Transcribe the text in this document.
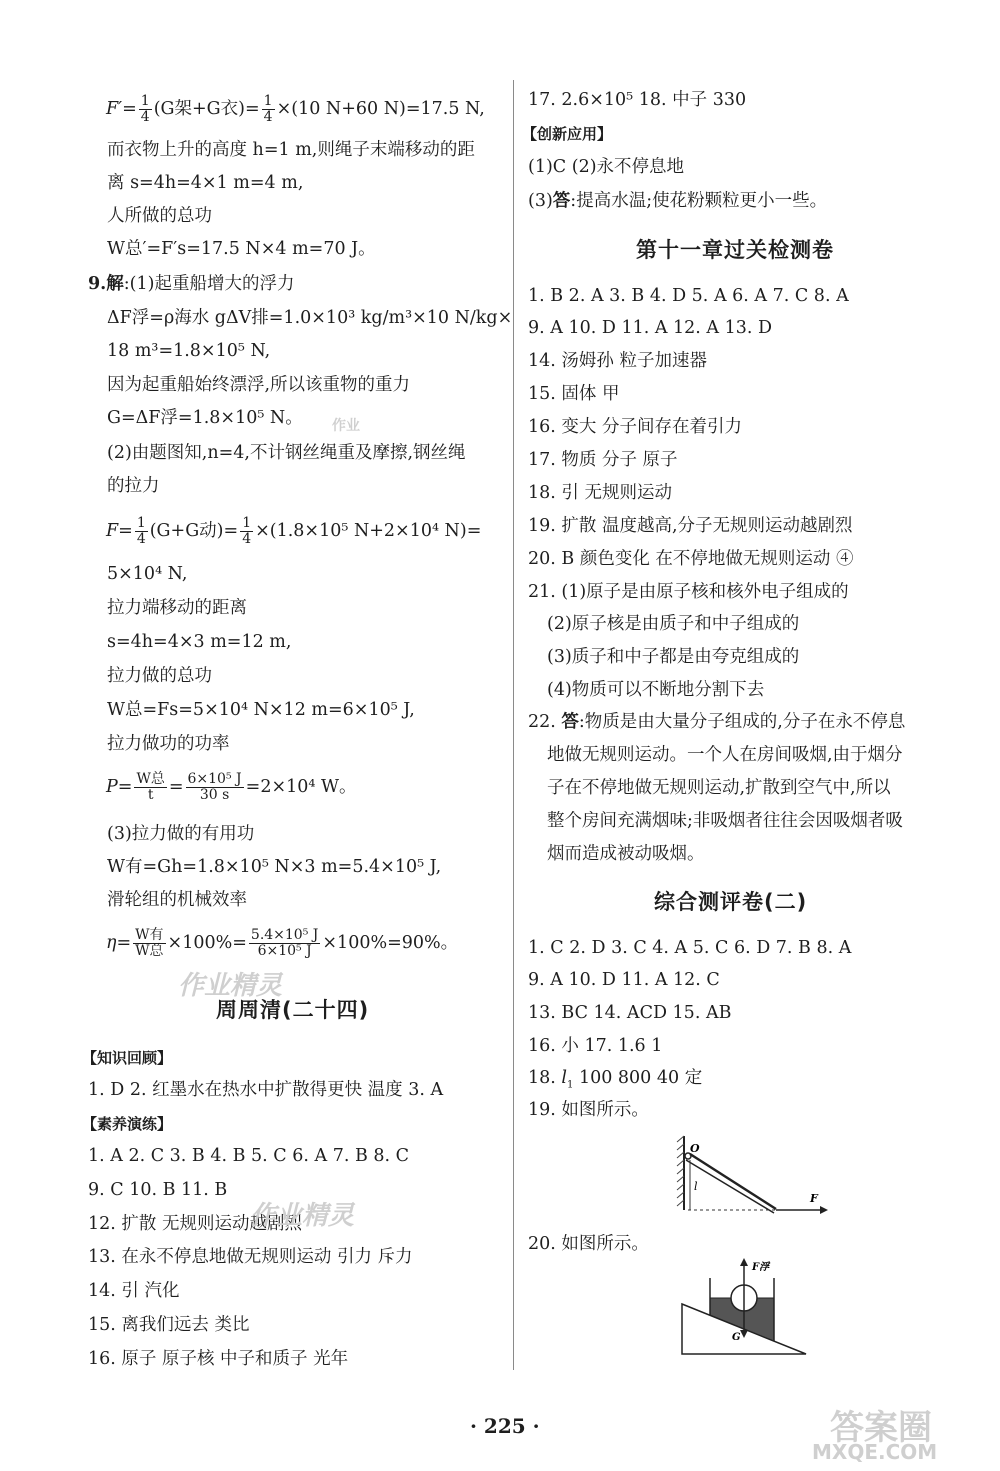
$F'= \frac{1}{4} (G$架+G衣)= $\frac{1}{4} \times(10$ N+60 N)=17.5 N,
而衣物上升的高度 h=1 m,则绳子末端移动的距
离 s=4h=4×1 m=4 m,
人所做的总功
W总′=F′s=17.5 N×4 m=70 J。
9.解:(1)起重船增大的浮力
ΔF浮=ρ海水 gΔV排=1.0×10³ kg/m³×10 N/kg×
18 m³=1.8×10⁵ N,
因为起重船始终漂浮,所以该重物的重力
G=ΔF浮=1.8×10⁵ N。
(2)由题图知,n=4,不计钢丝绳重及摩擦,钢丝绳
的拉力
$F= \frac{1}{4} (G+G$动)= $\frac{1}{4} \times(1.8\times 10^5$ N+2×10⁴ N)=
5×10⁴ N,
拉力端移动的距离
s=4h=4×3 m=12 m,
拉力做的总功
W总=Fs=5×10⁴ N×12 m=6×10⁵ J,
拉力做功的功率
$P= \frac{\text{W总}}{t} = \frac{\text{6×10⁵ J}}{30 s} =2\times 10^4$ W。
(3)拉力做的有用功
W有=Gh=1.8×10⁵ N×3 m=5.4×10⁵ J,
滑轮组的机械效率
$\eta= \frac{\text{W有}}{\text{W总}} \times 100\%= \frac{\text{5.4×10⁵ J}}{\text{6×10⁵ J}} \times 100\%=90\%$。
周周清(二十四)
【知识回顾】
1. D 2. 红墨水在热水中扩散得更快 温度 3. A
【素养演练】
1. A 2. C 3. B 4. B 5. C 6. A 7. B 8. C
9. C 10. B 11. B
12. 扩散 无规则运动越剧烈
13. 在永不停息地做无规则运动 引力 斥力
14. 引 汽化
15. 离我们远去 类比
16. 原子 原子核 中子和质子 光年
17. 2.6×10⁵ 18. 中子 330
【创新应用】
(1)C (2)永不停息地
(3)答:提高水温;使花粉颗粒更小一些。
第十一章过关检测卷
1. B 2. A 3. B 4. D 5. A 6. A 7. C 8. A
9. A 10. D 11. A 12. A 13. D
14. 汤姆孙 粒子加速器
15. 固体 甲
16. 变大 分子间存在着引力
17. 物质 分子 原子
18. 引 无规则运动
19. 扩散 温度越高,分子无规则运动越剧烈
20. B 颜色变化 在不停地做无规则运动 ④
21. (1)原子是由原子核和核外电子组成的
(2)原子核是由质子和中子组成的
(3)质子和中子都是由夸克组成的
(4)物质可以不断地分割下去
22. 答:物质是由大量分子组成的,分子在永不停息
地做无规则运动。一个人在房间吸烟,由于烟分
子在不停地做无规则运动,扩散到空气中,所以
整个房间充满烟味;非吸烟者往往会因吸烟者吸
烟而造成被动吸烟。
综合测评卷(二)
1. C 2. D 3. C 4. A 5. C 6. D 7. B 8. A
9. A 10. D 11. A 12. C
13. BC 14. ACD 15. AB
16. 小 17. 1.6 1
18. $l_1$ 100 800 40 定
19. 如图所示。
20. 如图所示。
O
l
F
F浮
G
作业
作业精灵
作业精灵
答案圈
MXQE.COM
· 225 ·
